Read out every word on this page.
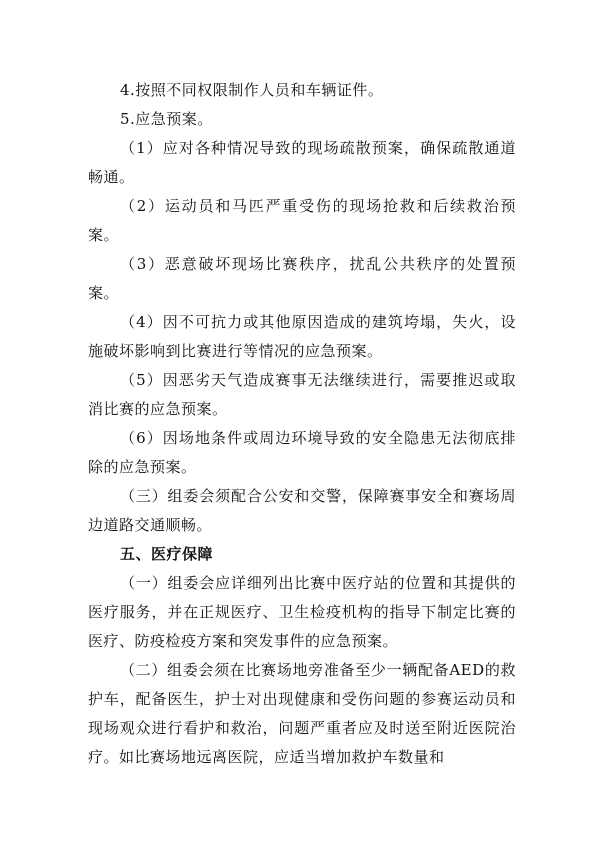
4.按照不同权限制作人员和车辆证件。

5.应急预案。

（1）应对各种情况导致的现场疏散预案，确保疏散通道畅通。

（2）运动员和马匹严重受伤的现场抢救和后续救治预案。

（3）恶意破坏现场比赛秩序，扰乱公共秩序的处置预案。

（4）因不可抗力或其他原因造成的建筑垮塌，失火，设施破坏影响到比赛进行等情况的应急预案。

（5）因恶劣天气造成赛事无法继续进行，需要推迟或取消比赛的应急预案。

（6）因场地条件或周边环境导致的安全隐患无法彻底排除的应急预案。

（三）组委会须配合公安和交警，保障赛事安全和赛场周边道路交通顺畅。

五、医疗保障

（一）组委会应详细列出比赛中医疗站的位置和其提供的医疗服务，并在正规医疗、卫生检疫机构的指导下制定比赛的医疗、防疫检疫方案和突发事件的应急预案。

（二）组委会须在比赛场地旁准备至少一辆配备AED的救护车，配备医生，护士对出现健康和受伤问题的参赛运动员和现场观众进行看护和救治，问题严重者应及时送至附近医院治疗。如比赛场地远离医院，应适当增加救护车数量和
